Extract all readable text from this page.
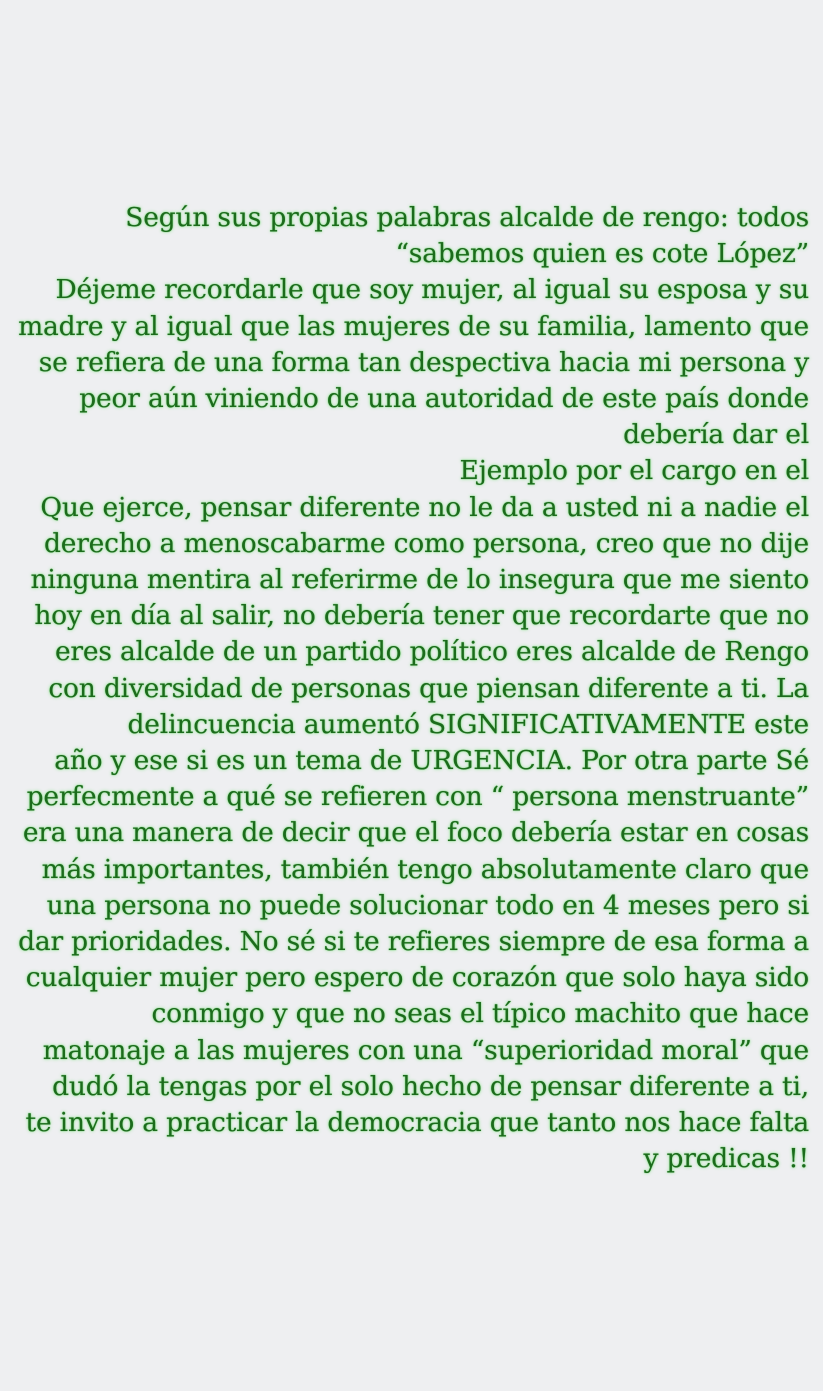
Según sus propias palabras alcalde de rengo: todos
“sabemos quien es cote López”
Déjeme recordarle que soy mujer, al igual su esposa y su
madre y al igual que las mujeres de su familia, lamento que
se refiera de una forma tan despectiva hacia mi persona y
peor aún viniendo de una autoridad de este país donde
debería dar el
Ejemplo por el cargo en el
Que ejerce, pensar diferente no le da a usted ni a nadie el
derecho a menoscabarme como persona, creo que no dije
ninguna mentira al referirme de lo insegura que me siento
hoy en día al salir, no debería tener que recordarte que no
eres alcalde de un partido político eres alcalde de Rengo
con diversidad de personas que piensan diferente a ti. La
delincuencia aumentó SIGNIFICATIVAMENTE este
año y ese si es un tema de URGENCIA. Por otra parte Sé
perfecmente a qué se refieren con “ persona menstruante”
era una manera de decir que el foco debería estar en cosas
más importantes, también tengo absolutamente claro que
una persona no puede solucionar todo en 4 meses pero si
dar prioridades. No sé si te refieres siempre de esa forma a
cualquier mujer pero espero de corazón que solo haya sido
conmigo y que no seas el típico machito que hace
matonaje a las mujeres con una “superioridad moral” que
dudó la tengas por el solo hecho de pensar diferente a ti,
te invito a practicar la democracia que tanto nos hace falta
y predicas !!
